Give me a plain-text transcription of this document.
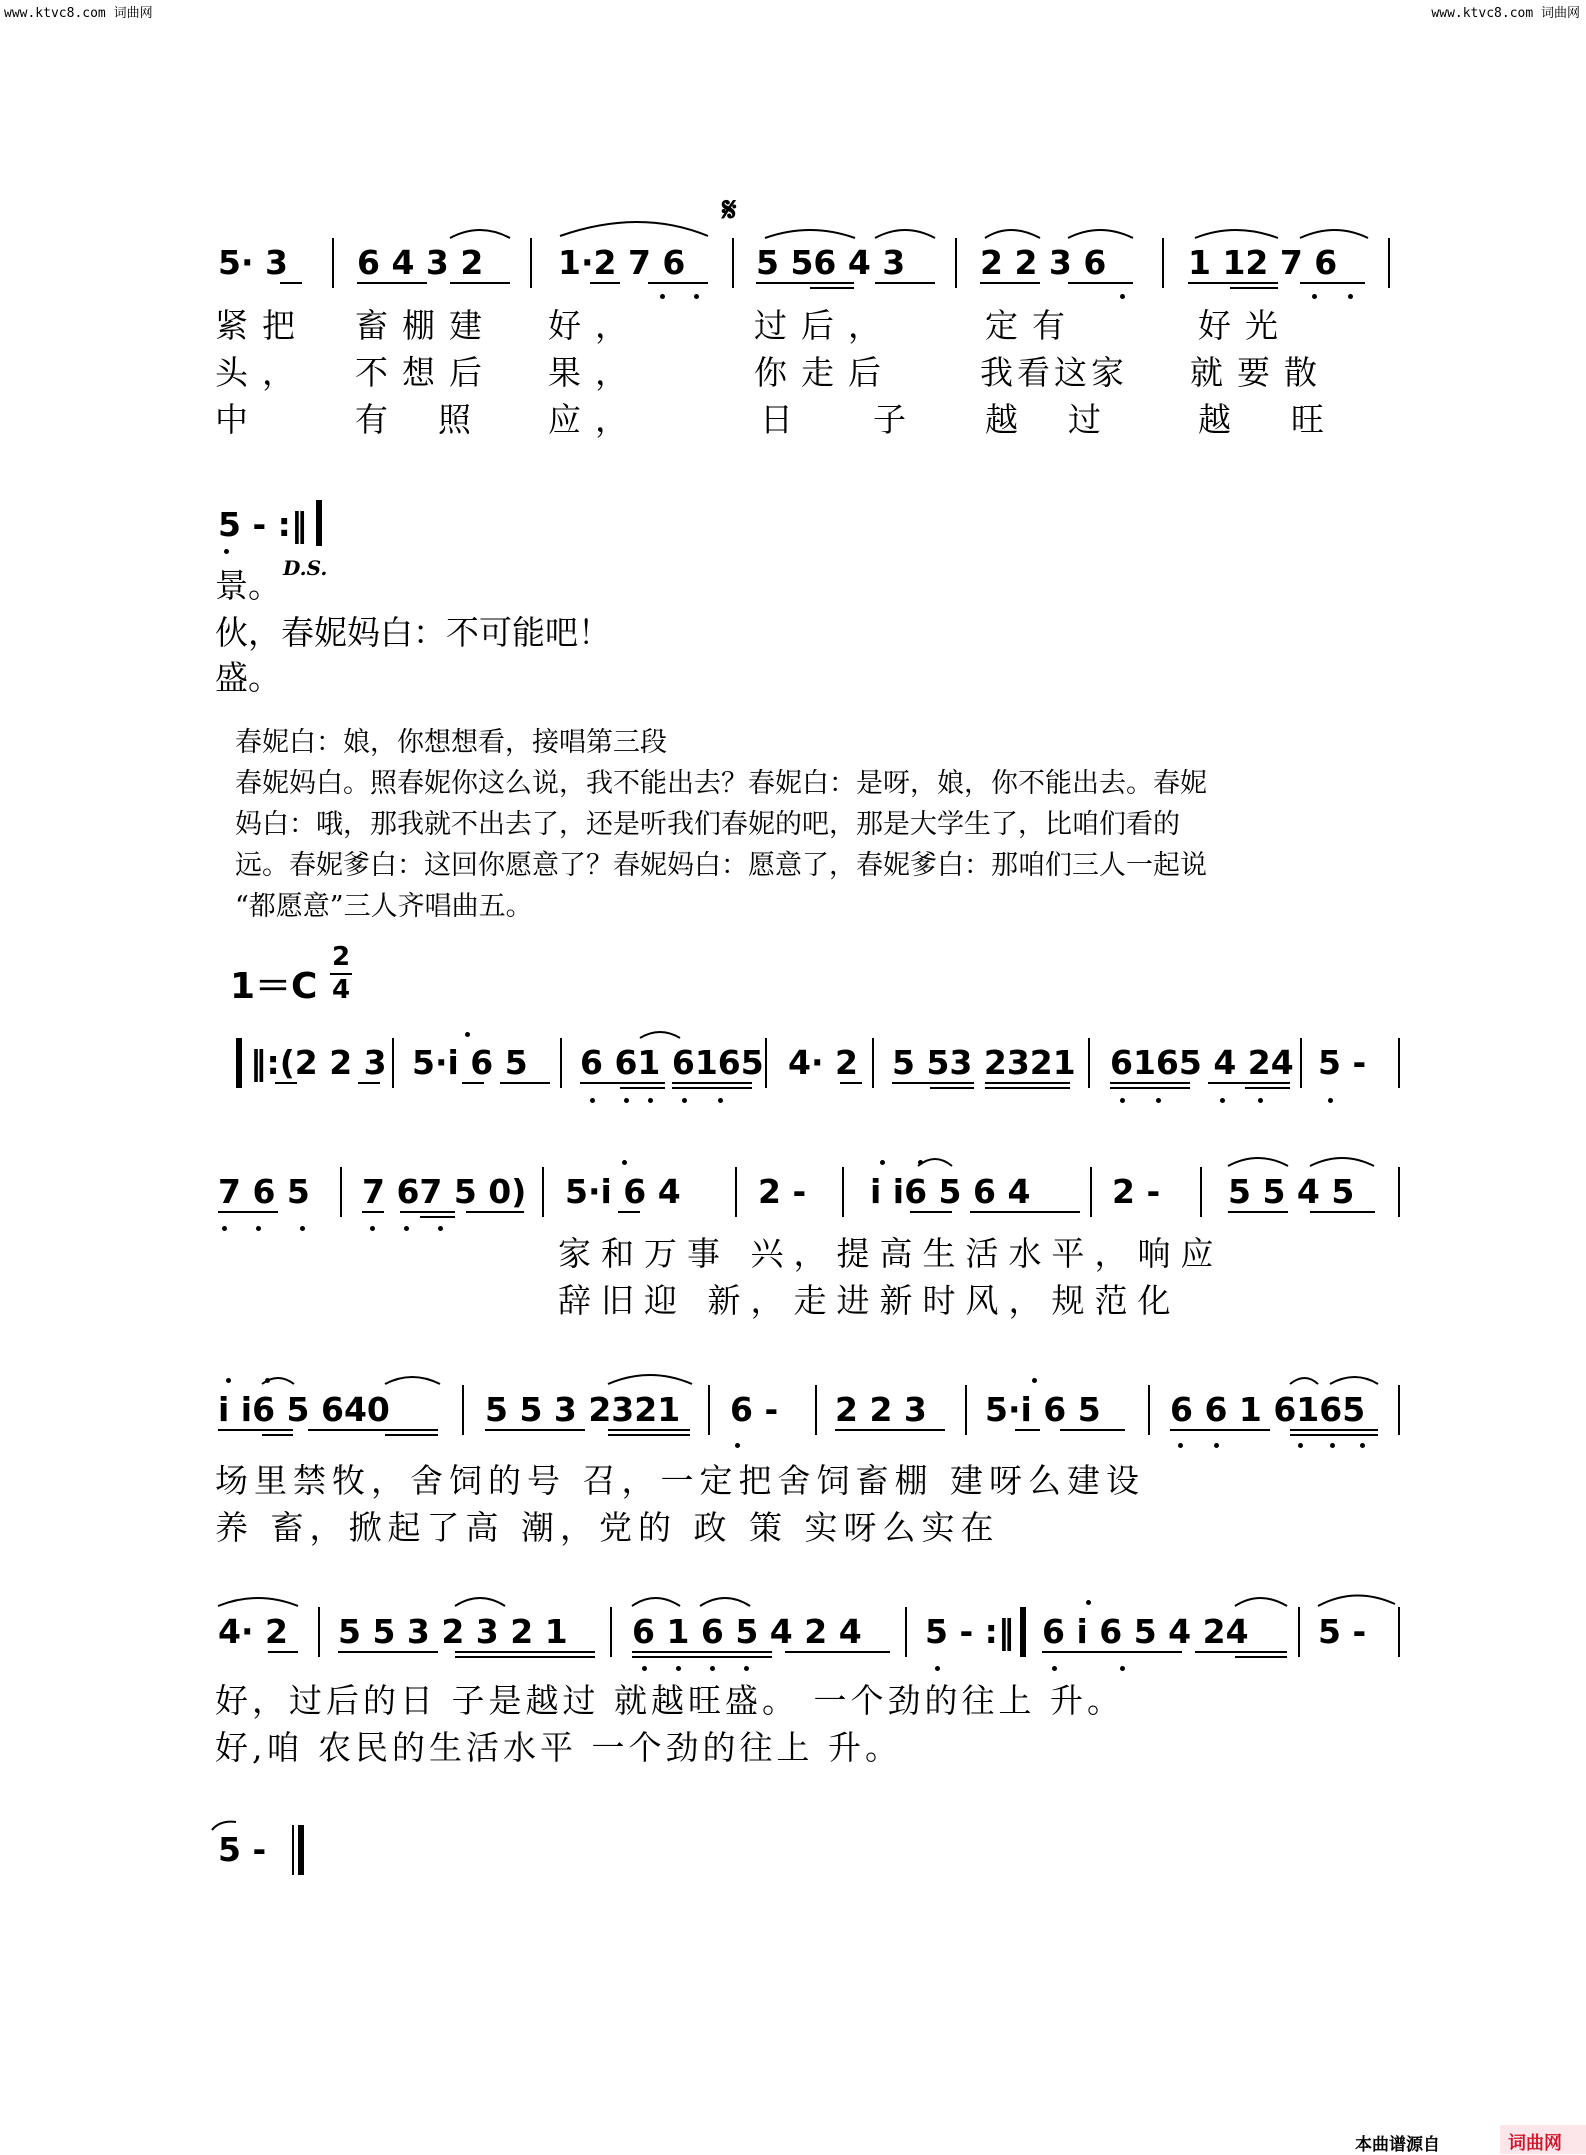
www.ktvc8.com 词曲网	www.ktvc8.com 词曲网
𝄋
5· 3 6 4 3 2 1·2 7 6 5 56 4 3 2 2 3 6 1 12 7 6
紧把 畜棚建 好，	过后，	定有	好光
头， 不想后 果，	你走后	我看这家 就要散
中	有照 应，	日子 越过 越旺
5 - :‖
景。 D.S.
伙，春妮妈白：不可能吧！
盛。
春妮白：娘，你想想看，接唱第三段
春妮妈白。照春妮你这么说，我不能出去？春妮白：是呀，娘，你不能出去。春妮
妈白：哦，那我就不出去了，还是听我们春妮的吧，那是大学生了，比咱们看的
远。春妮爹白：这回你愿意了？春妮妈白：愿意了，春妮爹白：那咱们三人一起说
“都愿意”三人齐唱曲五。
1＝C
2
4
‖:(2 2 3 5·i 6 5 6 61 6165 4· 2 5 53 2321 6165 4 24 5 -
7 6 5 7 67 5 0) 5·i 6 4 2 - i i6 5 6 4 2 - 5 5 4 5
家和万事 兴，提高生活水平，响应
辞旧迎 新，走进新时风，规范化
i i6 5 640	5 5 3 2321 6 - 2 2 3 5·i 6 5 6 6 1 6165
场里禁牧，舍饲的号 召，一定把舍饲畜棚 建呀么建设
养 畜，掀起了高 潮，党的 政 策 实呀么实在
4· 2 5 5 3 2 3 2 1 6 1 6 5 4 2 4 5 - :‖ 6 i 6 5 4 24 5 -
好，过后的日 子是越过 就越旺盛。 一个劲的往上 升。
好,咱 农民的生活水平 一个劲的往上 升。
5 -
本曲谱源自	词曲网
